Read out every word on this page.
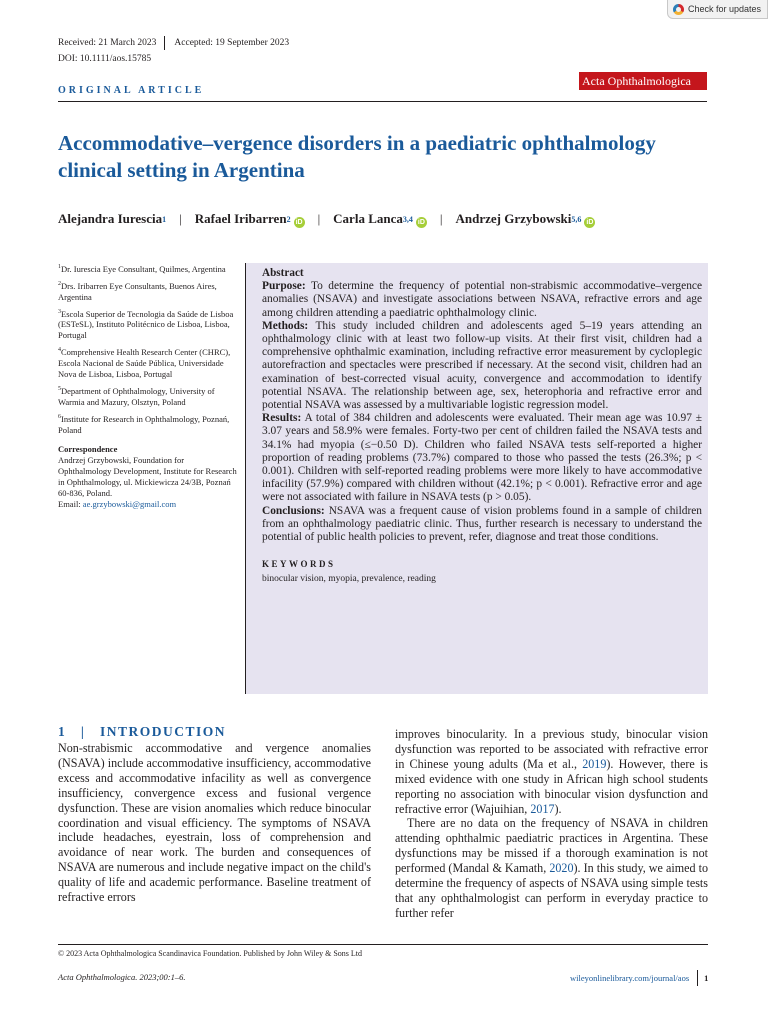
Check for updates
Received: 21 March 2023 Accepted: 19 September 2023
DOI: 10.1111/aos.15785
ORIGINAL ARTICLE
Acta Ophthalmologica
Accommodative–vergence disorders in a paediatric ophthalmology
clinical setting in Argentina
Alejandra Iurescia$^1$ | Rafael Iribarren$^2$ iD | Carla Lanca$^{3,4}$ iD | Andrzej Grzybowski$^{5,6}$ iD

$^1$Dr. Iurescia Eye Consultant, Quilmes, Argentina

$^2$Drs. Iribarren Eye Consultants, Buenos Aires, Argentina

$^3$Escola Superior de Tecnologia da Saúde de Lisboa (ESTeSL), Instituto Politécnico de Lisboa, Lisboa, Portugal

$^4$Comprehensive Health Research Center (CHRC), Escola Nacional de Saúde Pública, Universidade Nova de Lisboa, Lisboa, Portugal

$^5$Department of Ophthalmology, University of Warmia and Mazury, Olsztyn, Poland

$^6$Institute for Research in Ophthalmology, Poznań, Poland

Correspondence

Andrzej Grzybowski, Foundation for Ophthalmology Development, Institute for Research in Ophthalmology, ul. Mickiewicza 24/3B, Poznań 60-836, Poland.
Email: ae.grzybowski@gmail.com

Abstract
Purpose: To determine the frequency of potential non-strabismic accommodative–vergence anomalies (NSAVA) and investigate associations between NSAVA, refractive errors and age among children attending a paediatric ophthalmology clinic.
Methods: This study included children and adolescents aged 5–19 years attending an ophthalmology clinic with at least two follow-up visits. At their first visit, children had a comprehensive ophthalmic examination, including refractive error measurement by cycloplegic autorefraction and spectacles were prescribed if necessary. At the second visit, children had an examination of best-corrected visual acuity, convergence and accommodation to identify potential NSAVA. The relationship between age, sex, heterophoria and refractive error and potential NSAVA was assessed by a multivariable logistic regression model.
Results: A total of 384 children and adolescents were evaluated. Their mean age was 10.97 ± 3.07 years and 58.9% were females. Forty-two per cent of children failed the NSAVA tests and 34.1% had myopia (≤−0.50 D). Children who failed NSAVA tests self-reported a higher proportion of reading problems (73.7%) compared to those who passed the tests (26.3%; p < 0.001). Children with self-reported reading problems were more likely to have accommodative infacility (57.9%) compared with children without (42.1%; p < 0.001). Refractive error and age were not associated with failure in NSAVA tests (p > 0.05).
Conclusions: NSAVA was a frequent cause of vision problems found in a sample of children from an ophthalmology paediatric clinic. Thus, further research is necessary to understand the potential of public health policies to prevent, refer, diagnose and treat those conditions.
KEYWORDS
binocular vision, myopia, prevalence, reading
1   |   INTRODUCTION

Non-strabismic accommodative and vergence anomalies (NSAVA) include accommodative insufficiency, accommodative excess and accommodative infacility as well as convergence insufficiency, convergence excess and fusional vergence dysfunction. These are vision anomalies which reduce binocular coordination and visual efficiency. The symptoms of NSAVA include headaches, eyestrain, loss of comprehension and avoidance of near work. The burden and consequences of NSAVA are numerous and include negative impact on the child's quality of life and academic performance. Baseline treatment of refractive errors

improves binocularity. In a previous study, binocular vision dysfunction was reported to be associated with refractive error in Chinese young adults (Ma et al., 2019). However, there is mixed evidence with one study in African high school students reporting no association with binocular vision dysfunction and refractive error (Wajuihian, 2017).

There are no data on the frequency of NSAVA in children attending ophthalmic paediatric practices in Argentina. These dysfunctions may be missed if a thorough examination is not performed (Mandal & Kamath, 2020). In this study, we aimed to determine the frequency of aspects of NSAVA using simple tests that any ophthalmologist can perform in everyday practice to further refer

© 2023 Acta Ophthalmologica Scandinavica Foundation. Published by John Wiley & Sons Ltd
Acta Ophthalmologica. 2023;00:1–6.	wileyonlinelibrary.com/journal/aos 1
